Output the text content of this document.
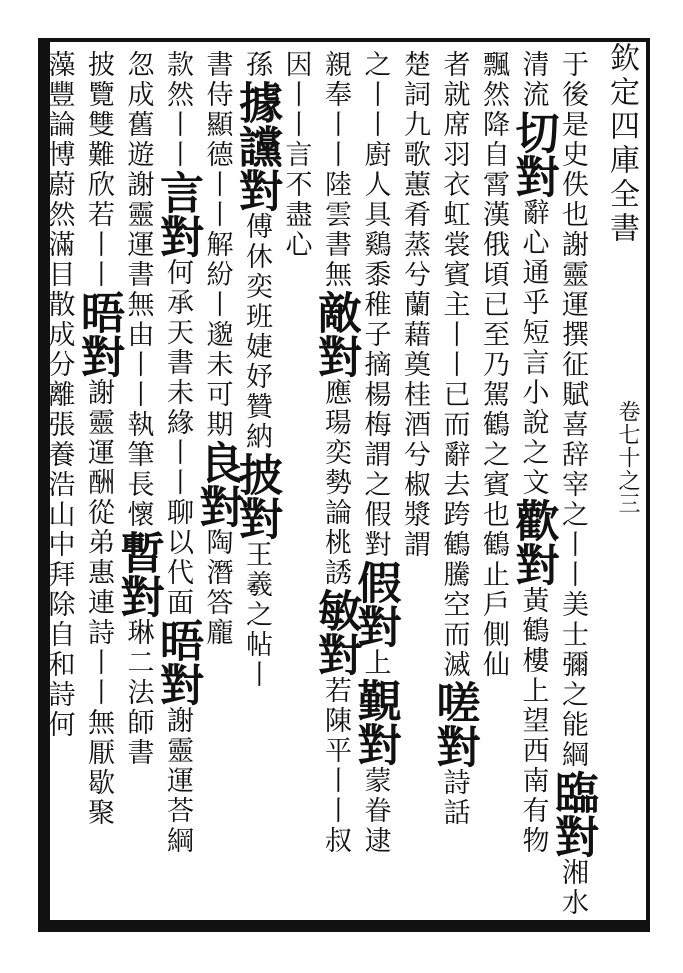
欽定四庫全書
卷七十之三
于後是史佚也謝靈運撰征賦喜辞宰之丨丨美士彌之能綱臨對湘水
清流切對辭心通乎短言小說之文歡對黃鶴樓上望西南有物
飄然降自霄漢俄頃已至乃駕鶴之賓也鶴止戶側仙
者就席羽衣虹裳賓主丨丨已而辭去跨鶴騰空而滅嗟對詩話
楚詞九歌蕙肴蒸兮蘭藉奠桂酒兮椒漿謂
之丨丨廚人具鷄黍稚子摘楊梅謂之假對假對上覲對蒙眷逮
親奉丨丨陸雲書無敵對應瑒奕勢論桃誘敏對若陳平丨丨叔
因丨丨言不盡心
孫據讜對傅休奕班婕妤贊納披對王羲之帖丨
書侍顯德丨丨解紛丨邈未可期良對陶潛答龐
款然丨丨言對何承天書未緣丨丨聊以代面晤對謝靈運荅綱
忽成舊遊謝靈運書無由丨丨執筆長懷暫對琳二法師書
披覽雙難欣若丨丨晤對謝靈運酬從弟惠連詩丨丨無厭歇聚
藻豐論博蔚然滿目散成分離張養浩山中拜除自和詩何
